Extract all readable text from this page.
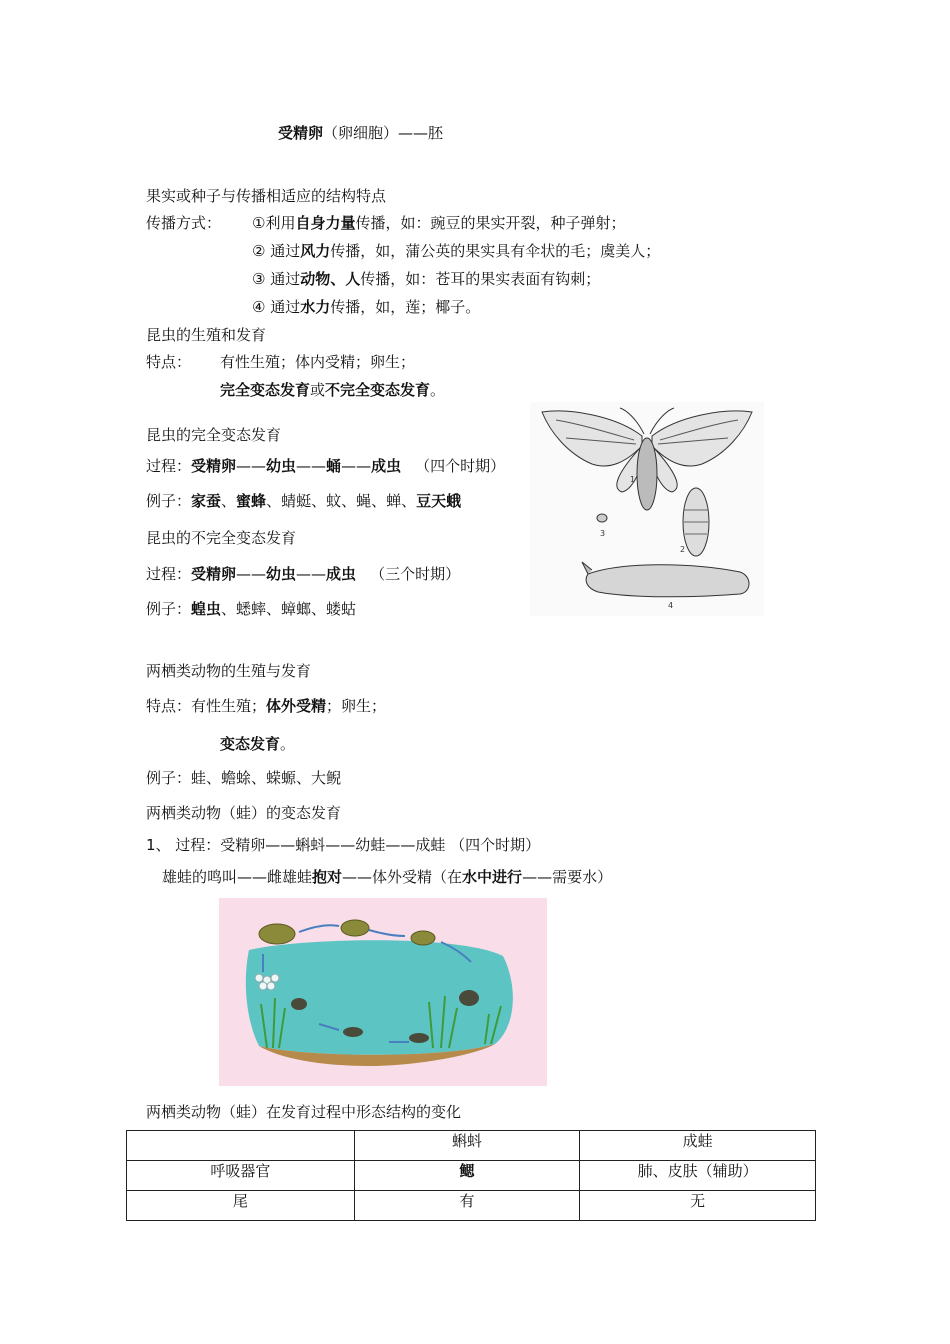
受精卵（卵细胞）——胚
果实或种子与传播相适应的结构特点
传播方式： ①利用自身力量传播，如：豌豆的果实开裂，种子弹射；
② 通过风力传播，如，蒲公英的果实具有伞状的毛；虞美人；
③ 通过动物、人传播，如：苍耳的果实表面有钩刺；
④ 通过水力传播，如，莲；椰子。
昆虫的生殖和发育
特点： 有性生殖；体内受精；卵生；
完全变态发育或不完全变态发育。
昆虫的完全变态发育
过程：受精卵——幼虫——蛹——成虫 （四个时期）
例子：家蚕、蜜蜂、蜻蜓、蚊、蝇、蝉、豆天蛾
昆虫的不完全变态发育
过程：受精卵——幼虫——成虫 （三个时期）
例子：蝗虫、蟋蟀、蟑螂、蝼蛄
1
2
3
4
两栖类动物的生殖与发育
特点：有性生殖；体外受精；卵生；
变态发育。
例子：蛙、蟾蜍、蝾螈、大鲵
两栖类动物（蛙）的变态发育
1、 过程：受精卵——蝌蚪——幼蛙——成蛙 （四个时期）
雄蛙的鸣叫——雌雄蛙抱对——体外受精（在水中进行——需要水）
两栖类动物（蛙）在发育过程中形态结构的变化
	蝌蚪	成蛙
呼吸器官	鳃	肺、皮肤（辅助）
尾	有	无
